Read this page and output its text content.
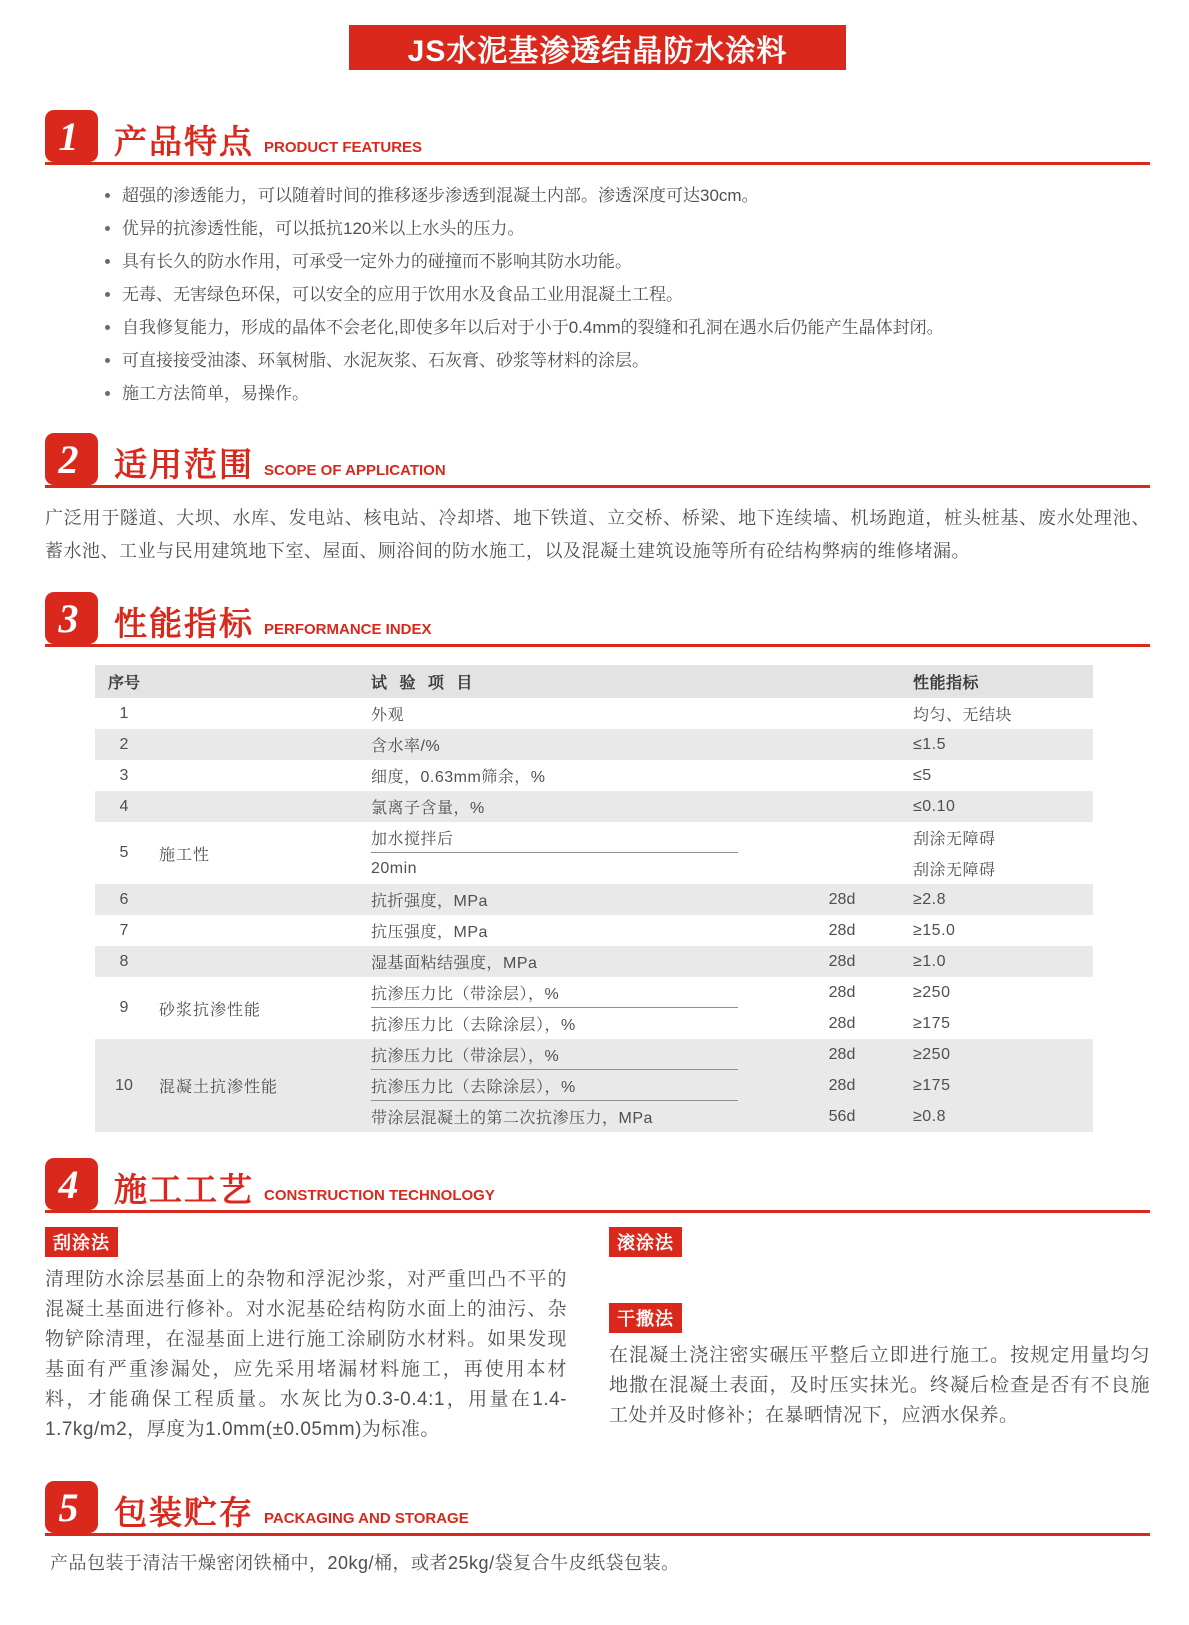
JS水泥基渗透结晶防水涂料
1	产品特点 PRODUCT FEATURES
超强的渗透能力，可以随着时间的推移逐步渗透到混凝土内部。渗透深度可达30cm。
优异的抗渗透性能，可以抵抗120米以上水头的压力。
具有长久的防水作用，可承受一定外力的碰撞而不影响其防水功能。
无毒、无害绿色环保，可以安全的应用于饮用水及食品工业用混凝土工程。
自我修复能力，形成的晶体不会老化,即使多年以后对于小于0.4mm的裂缝和孔洞在遇水后仍能产生晶体封闭。
可直接接受油漆、环氧树脂、水泥灰浆、石灰膏、砂浆等材料的涂层。
施工方法简单，易操作。
2	适用范围 SCOPE OF APPLICATION

广泛用于隧道、大坝、水库、发电站、核电站、冷却塔、地下铁道、立交桥、桥梁、地下连续墙、机场跑道，桩头桩基、废水处理池、蓄水池、工业与民用建筑地下室、屋面、厕浴间的防水施工，以及混凝土建筑设施等所有砼结构弊病的维修堵漏。

3	性能指标 PERFORMANCE INDEX
序号	试 验 项 目	性能指标
1	外观	均匀、无结块
2	含水率/%	≤1.5
3	细度，0.63mm筛余，%	≤5
4	氯离子含量，%	≤0.10
5	施工性
加水搅拌后	刮涂无障碍
20min	刮涂无障碍
6	抗折强度，MPa	28d	≥2.8
7	抗压强度，MPa	28d	≥15.0
8	湿基面粘结强度，MPa	28d	≥1.0
9	砂浆抗渗性能
抗渗压力比（带涂层），%	28d	≥250
抗渗压力比（去除涂层），%	28d	≥175
10	混凝土抗渗性能
抗渗压力比（带涂层），%	28d	≥250
抗渗压力比（去除涂层），%	28d	≥175
带涂层混凝土的第二次抗渗压力，MPa	56d	≥0.8
4	施工工艺 CONSTRUCTION TECHNOLOGY
刮涂法

清理防水涂层基面上的杂物和浮泥沙浆，对严重凹凸不平的混凝土基面进行修补。对水泥基砼结构防水面上的油污、杂物铲除清理，在湿基面上进行施工涂刷防水材料。如果发现基面有严重渗漏处，应先采用堵漏材料施工，再使用本材料，才能确保工程质量。水灰比为0.3-0.4:1，用量在1.4-1.7kg/m2，厚度为1.0mm(±0.05mm)为标准。

滚涂法
干撒法

在混凝土浇注密实碾压平整后立即进行施工。按规定用量均匀地撒在混凝土表面，及时压实抹光。终凝后检查是否有不良施工处并及时修补；在暴晒情况下，应洒水保养。

5	包装贮存 PACKAGING AND STORAGE

产品包装于清洁干燥密闭铁桶中，20kg/桶，或者25kg/袋复合牛皮纸袋包装。
